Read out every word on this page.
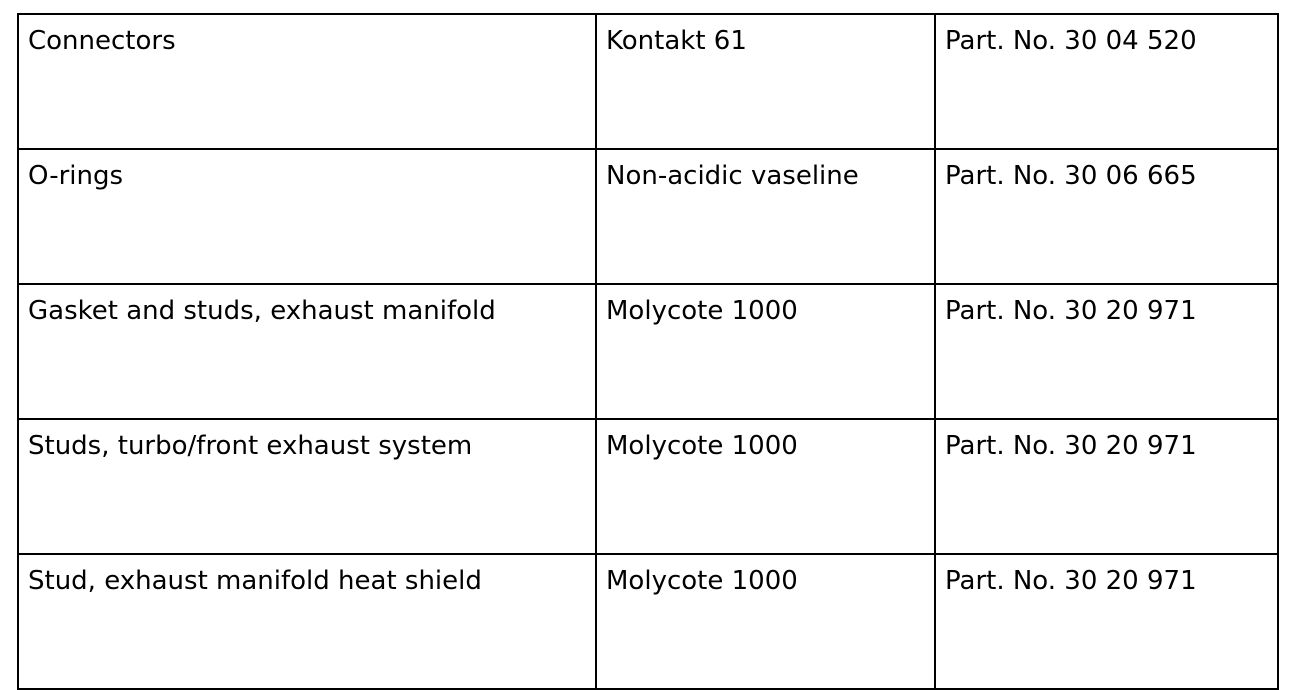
Connectors	Kontakt 61	Part. No. 30 04 520
O-rings	Non-acidic vaseline	Part. No. 30 06 665
Gasket and studs, exhaust manifold	Molycote 1000	Part. No. 30 20 971
Studs, turbo/front exhaust system	Molycote 1000	Part. No. 30 20 971
Stud, exhaust manifold heat shield	Molycote 1000	Part. No. 30 20 971
